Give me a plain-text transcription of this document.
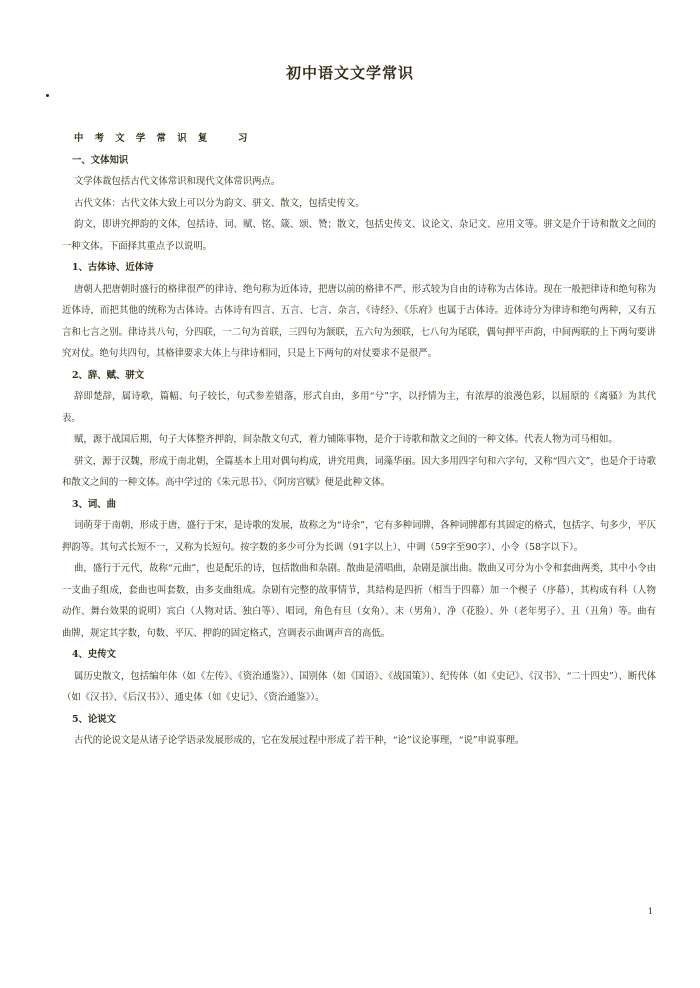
初中语文文学常识

中 考 文 学 常 识 复　　习

一、文体知识

文学体裁包括古代文体常识和现代文体常识两点。

古代文体：古代文体大致上可以分为韵文、骈文、散文，包括史传文。

韵文，即讲究押韵的文体，包括诗、词、赋、铭、箴、颂、赞；散文，包括史传文、议论文、杂记文、应用文等。骈文是介于诗和散文之间的一种文体。下面择其重点予以说明。

1、古体诗、近体诗

唐朝人把唐朝时盛行的格律很严的律诗、绝句称为近体诗，把唐以前的格律不严、形式较为自由的诗称为古体诗。现在一般把律诗和绝句称为近体诗，而把其他的统称为古体诗。古体诗有四言、五言、七言、杂言，《诗经》、《乐府》也属于古体诗。近体诗分为律诗和绝句两种，又有五言和七言之别。律诗共八句，分四联，一二句为首联，三四句为颔联，五六句为颈联，七八句为尾联，偶句押平声韵，中间两联的上下两句要讲究对仗。绝句共四句，其格律要求大体上与律诗相同，只是上下两句的对仗要求不是很严。

2、辞、赋、骈文

辞即楚辞，属诗歌，篇幅、句子较长，句式参差错落，形式自由，多用“兮”字，以抒情为主，有浓厚的浪漫色彩，以屈原的《离骚》为其代表。

赋，源于战国后期，句子大体整齐押韵，间杂散文句式，着力铺陈事物，是介于诗歌和散文之间的一种文体。代表人物为司马相如。

骈文，源于汉魏，形成于南北朝，全篇基本上用对偶句构成，讲究用典，词藻华丽。因大多用四字句和六字句，又称“四六文”，也是介于诗歌和散文之间的一种文体。高中学过的《朱元思书》、《阿房宫赋》便是此种文体。

3、词、曲

词萌芽于南朝，形成于唐，盛行于宋，是诗歌的发展，故称之为“诗余”，它有多种词牌，各种词牌都有其固定的格式，包括字、句多少，平仄押韵等。其句式长短不一，又称为长短句。按字数的多少可分为长调（91字以上）、中调（59字至90字）、小令（58字以下）。

曲，盛行于元代，故称“元曲”，也是配乐的诗，包括散曲和杂剧。散曲是清唱曲，杂剧是演出曲。散曲又可分为小令和套曲两类，其中小令由一支曲子组成，套曲也叫套数，由多支曲组成。杂剧有完整的故事情节，其结构是四折（相当于四幕）加一个楔子（序幕），其构成有科（人物动作、舞台效果的说明）宾白（人物对话、独白等）、唱词，角色有旦（女角）、末（男角）、净（花脸）、外（老年男子）、丑（丑角）等。曲有曲牌，规定其字数，句数、平仄、押韵的固定格式，宫调表示曲调声音的高低。

4、史传文

属历史散文，包括编年体（如《左传》、《资治通鉴》）、国别体（如《国语》、《战国策》）、纪传体（如《史记》、《汉书》、“二十四史”）、断代体（如《汉书》、《后汉书》）、通史体（如《史记》、《资治通鉴》）。

5、论说文

古代的论说文是从诸子论学语录发展形成的，它在发展过程中形成了若干种，“论”议论事理，“说”申说事理。

1
